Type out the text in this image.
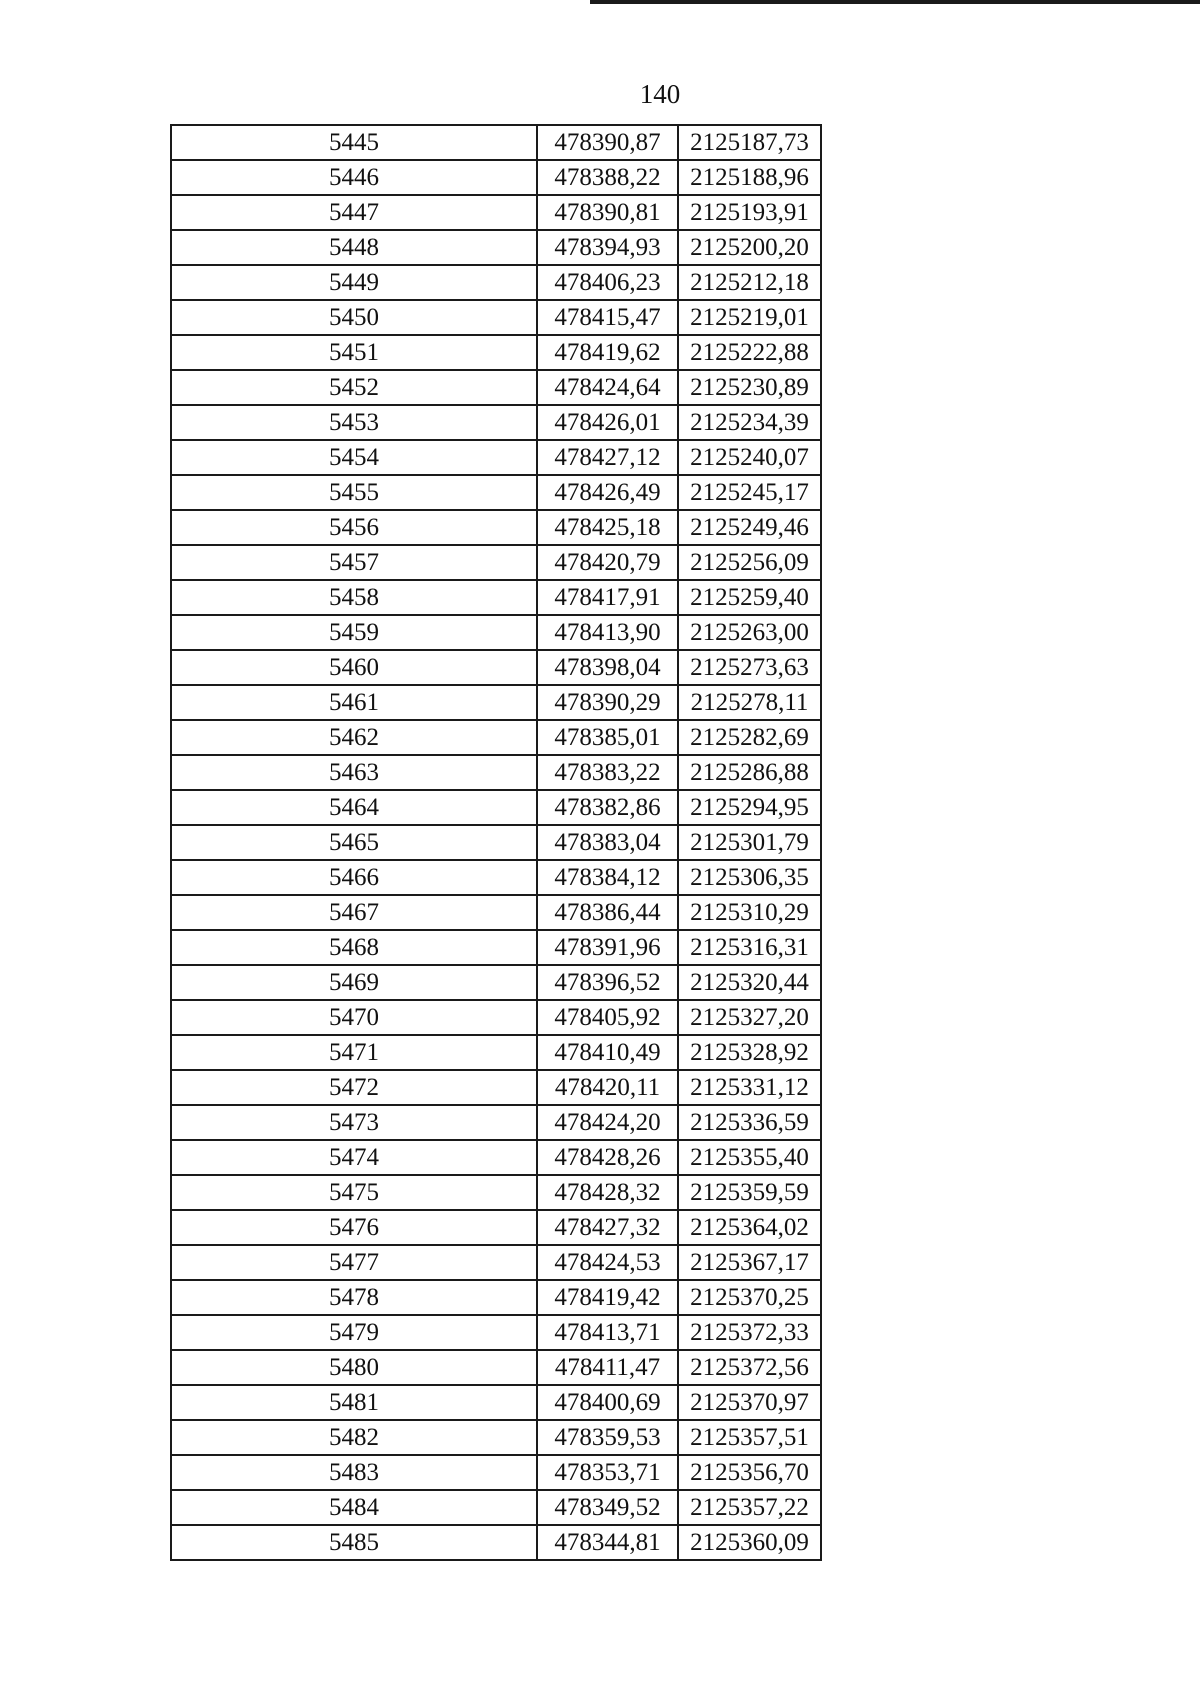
140
5445	478390,87	2125187,73
5446	478388,22	2125188,96
5447	478390,81	2125193,91
5448	478394,93	2125200,20
5449	478406,23	2125212,18
5450	478415,47	2125219,01
5451	478419,62	2125222,88
5452	478424,64	2125230,89
5453	478426,01	2125234,39
5454	478427,12	2125240,07
5455	478426,49	2125245,17
5456	478425,18	2125249,46
5457	478420,79	2125256,09
5458	478417,91	2125259,40
5459	478413,90	2125263,00
5460	478398,04	2125273,63
5461	478390,29	2125278,11
5462	478385,01	2125282,69
5463	478383,22	2125286,88
5464	478382,86	2125294,95
5465	478383,04	2125301,79
5466	478384,12	2125306,35
5467	478386,44	2125310,29
5468	478391,96	2125316,31
5469	478396,52	2125320,44
5470	478405,92	2125327,20
5471	478410,49	2125328,92
5472	478420,11	2125331,12
5473	478424,20	2125336,59
5474	478428,26	2125355,40
5475	478428,32	2125359,59
5476	478427,32	2125364,02
5477	478424,53	2125367,17
5478	478419,42	2125370,25
5479	478413,71	2125372,33
5480	478411,47	2125372,56
5481	478400,69	2125370,97
5482	478359,53	2125357,51
5483	478353,71	2125356,70
5484	478349,52	2125357,22
5485	478344,81	2125360,09
